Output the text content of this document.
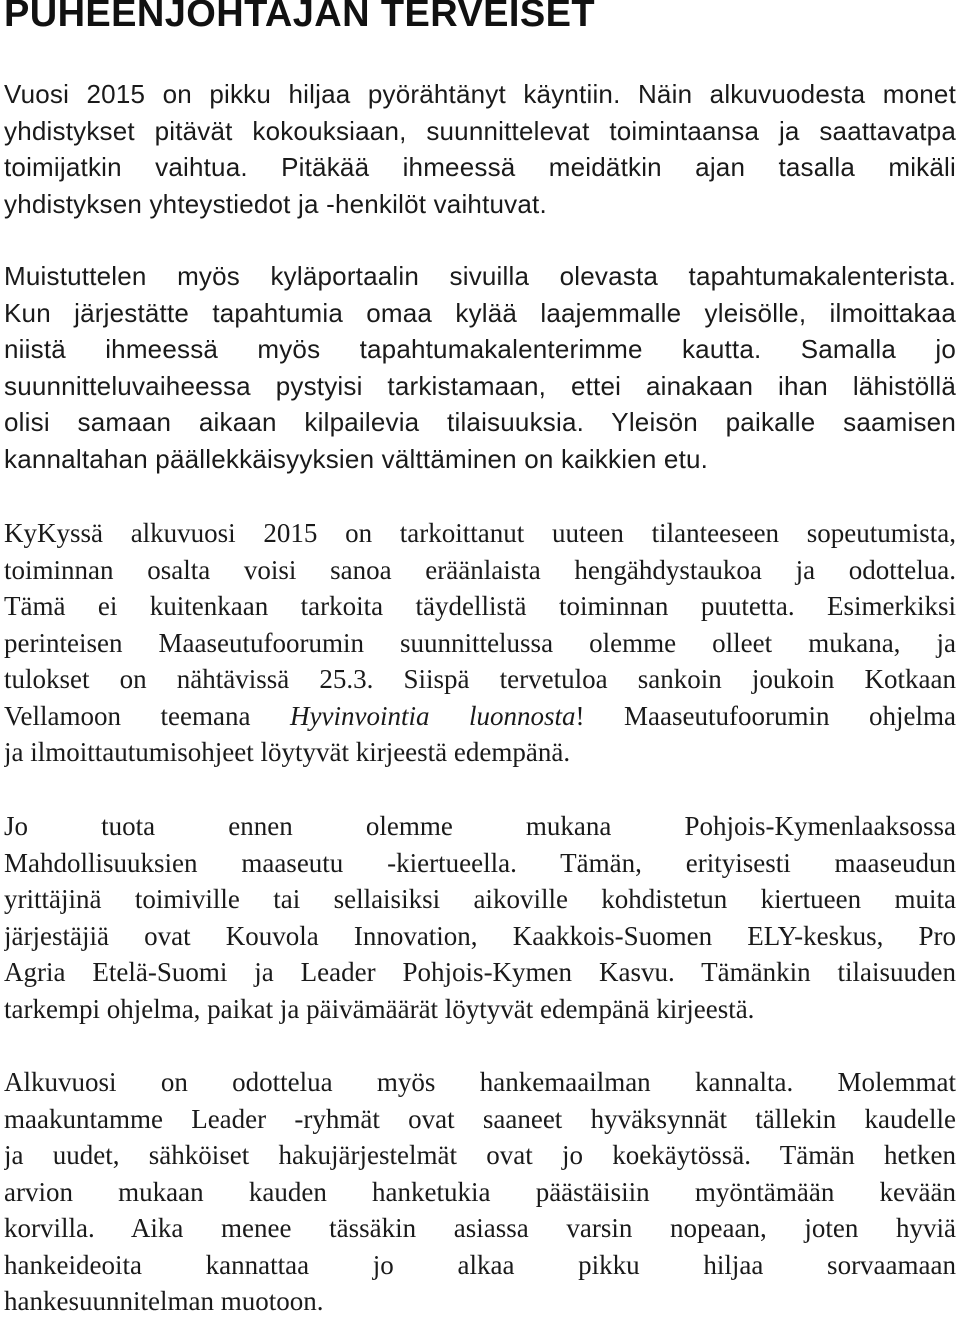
PUHEENJOHTAJAN TERVEISET
Vuosi 2015 on pikku hiljaa pyörähtänyt käyntiin. Näin alkuvuodesta monet
yhdistykset pitävät kokouksiaan, suunnittelevat toimintaansa ja saattavatpa
toimijatkin vaihtua. Pitäkää ihmeessä meidätkin ajan tasalla mikäli
yhdistyksen yhteystiedot ja -henkilöt vaihtuvat.
Muistuttelen myös kyläportaalin sivuilla olevasta tapahtumakalenterista.
Kun järjestätte tapahtumia omaa kylää laajemmalle yleisölle, ilmoittakaa
niistä ihmeessä myös tapahtumakalenterimme kautta. Samalla jo
suunnitteluvaiheessa pystyisi tarkistamaan, ettei ainakaan ihan lähistöllä
olisi samaan aikaan kilpailevia tilaisuuksia. Yleisön paikalle saamisen
kannaltahan päällekkäisyyksien välttäminen on kaikkien etu.
KyKyssä alkuvuosi 2015 on tarkoittanut uuteen tilanteeseen sopeutumista,
toiminnan osalta voisi sanoa eräänlaista hengähdystaukoa ja odottelua.
Tämä ei kuitenkaan tarkoita täydellistä toiminnan puutetta. Esimerkiksi
perinteisen Maaseutufoorumin suunnittelussa olemme olleet mukana, ja
tulokset on nähtävissä 25.3. Siispä tervetuloa sankoin joukoin Kotkaan
Vellamoon teemana Hyvinvointia luonnosta! Maaseutufoorumin ohjelma
ja ilmoittautumisohjeet löytyvät kirjeestä edempänä.
Jo tuota ennen olemme mukana Pohjois-Kymenlaaksossa
Mahdollisuuksien maaseutu -kiertueella. Tämän, erityisesti maaseudun
yrittäjinä toimiville tai sellaisiksi aikoville kohdistetun kiertueen muita
järjestäjiä ovat Kouvola Innovation, Kaakkois-Suomen ELY-keskus, Pro
Agria Etelä-Suomi ja Leader Pohjois-Kymen Kasvu. Tämänkin tilaisuuden
tarkempi ohjelma, paikat ja päivämäärät löytyvät edempänä kirjeestä.
Alkuvuosi on odottelua myös hankemaailman kannalta. Molemmat
maakuntamme Leader -ryhmät ovat saaneet hyväksynnät tällekin kaudelle
ja uudet, sähköiset hakujärjestelmät ovat jo koekäytössä. Tämän hetken
arvion mukaan kauden hanketukia päästäisiin myöntämään kevään
korvilla. Aika menee tässäkin asiassa varsin nopeaan, joten hyviä
hankeideoita kannattaa jo alkaa pikku hiljaa sorvaamaan
hankesuunnitelman muotoon.
